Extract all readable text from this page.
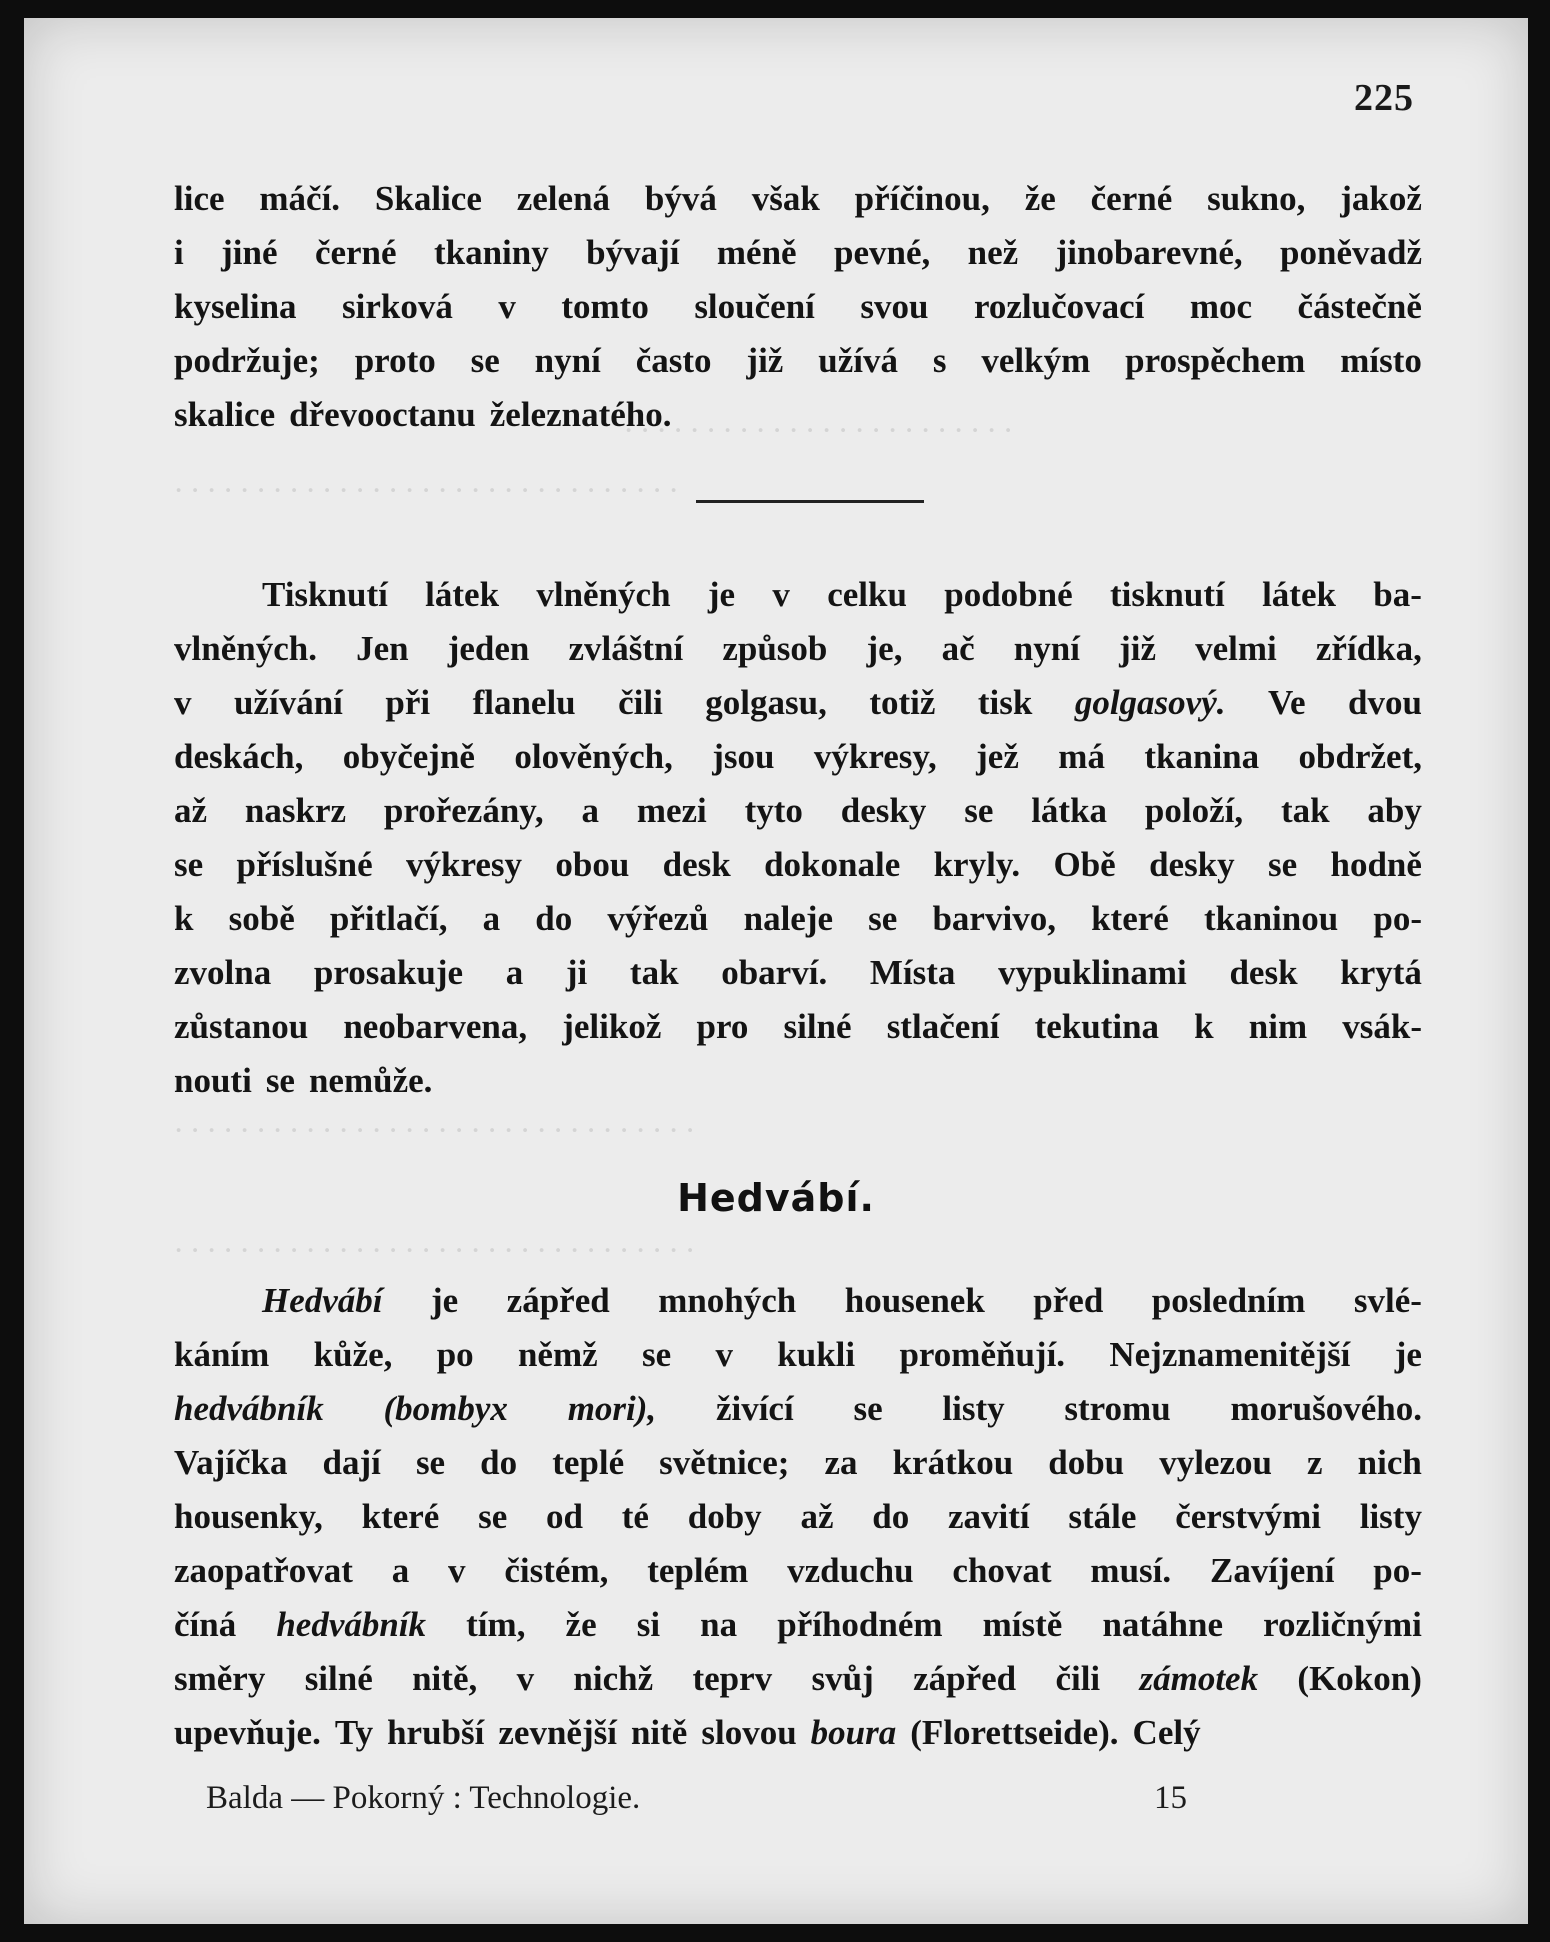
· · · · · · · · · · · · · · · · · · · · · · · ·
· · · · · · · · · · · · · · · · · · · · · · · · · · · · · · ·
· · · · · · · · · · · · · · · · · · · · · · · · · · · · · · · ·
· · · · · · · · · · · · · · · · · · · · · · · · · · · · · · · ·
225
lice máčí. Skalice zelená bývá však příčinou, že černé sukno, jakož
i jiné černé tkaniny bývají méně pevné, než jinobarevné, poněvadž
kyselina sirková v tomto sloučení svou rozlučovací moc částečně
podržuje; proto se nyní často již užívá s velkým prospěchem místo
skalice dřevooctanu železnatého.
Tisknutí látek vlněných je v celku podobné tisknutí látek ba-
vlněných. Jen jeden zvláštní způsob je, ač nyní již velmi zřídka,
v užívání při flanelu čili golgasu, totiž tisk golgasový. Ve dvou
deskách, obyčejně olověných, jsou výkresy, jež má tkanina obdržet,
až naskrz prořezány, a mezi tyto desky se látka položí, tak aby
se příslušné výkresy obou desk dokonale kryly. Obě desky se hodně
k sobě přitlačí, a do výřezů naleje se barvivo, které tkaninou po-
zvolna prosakuje a ji tak obarví. Místa vypuklinami desk krytá
zůstanou neobarvena, jelikož pro silné stlačení tekutina k nim vsák-
nouti se nemůže.
Hedvábí.
Hedvábí je zápřed mnohých housenek před posledním svlé-
káním kůže, po němž se v kukli proměňují. Nejznamenitější je
hedvábník (bombyx mori), živící se listy stromu morušového.
Vajíčka dají se do teplé světnice; za krátkou dobu vylezou z nich
housenky, které se od té doby až do zavití stále čerstvými listy
zaopatřovat a v čistém, teplém vzduchu chovat musí. Zavíjení po-
číná hedvábník tím, že si na příhodném místě natáhne rozličnými
směry silné nitě, v nichž teprv svůj zápřed čili zámotek (Kokon)
upevňuje. Ty hrubší zevnější nitě slovou boura (Florettseide). Celý
Balda — Pokorný : Technologie.	15
